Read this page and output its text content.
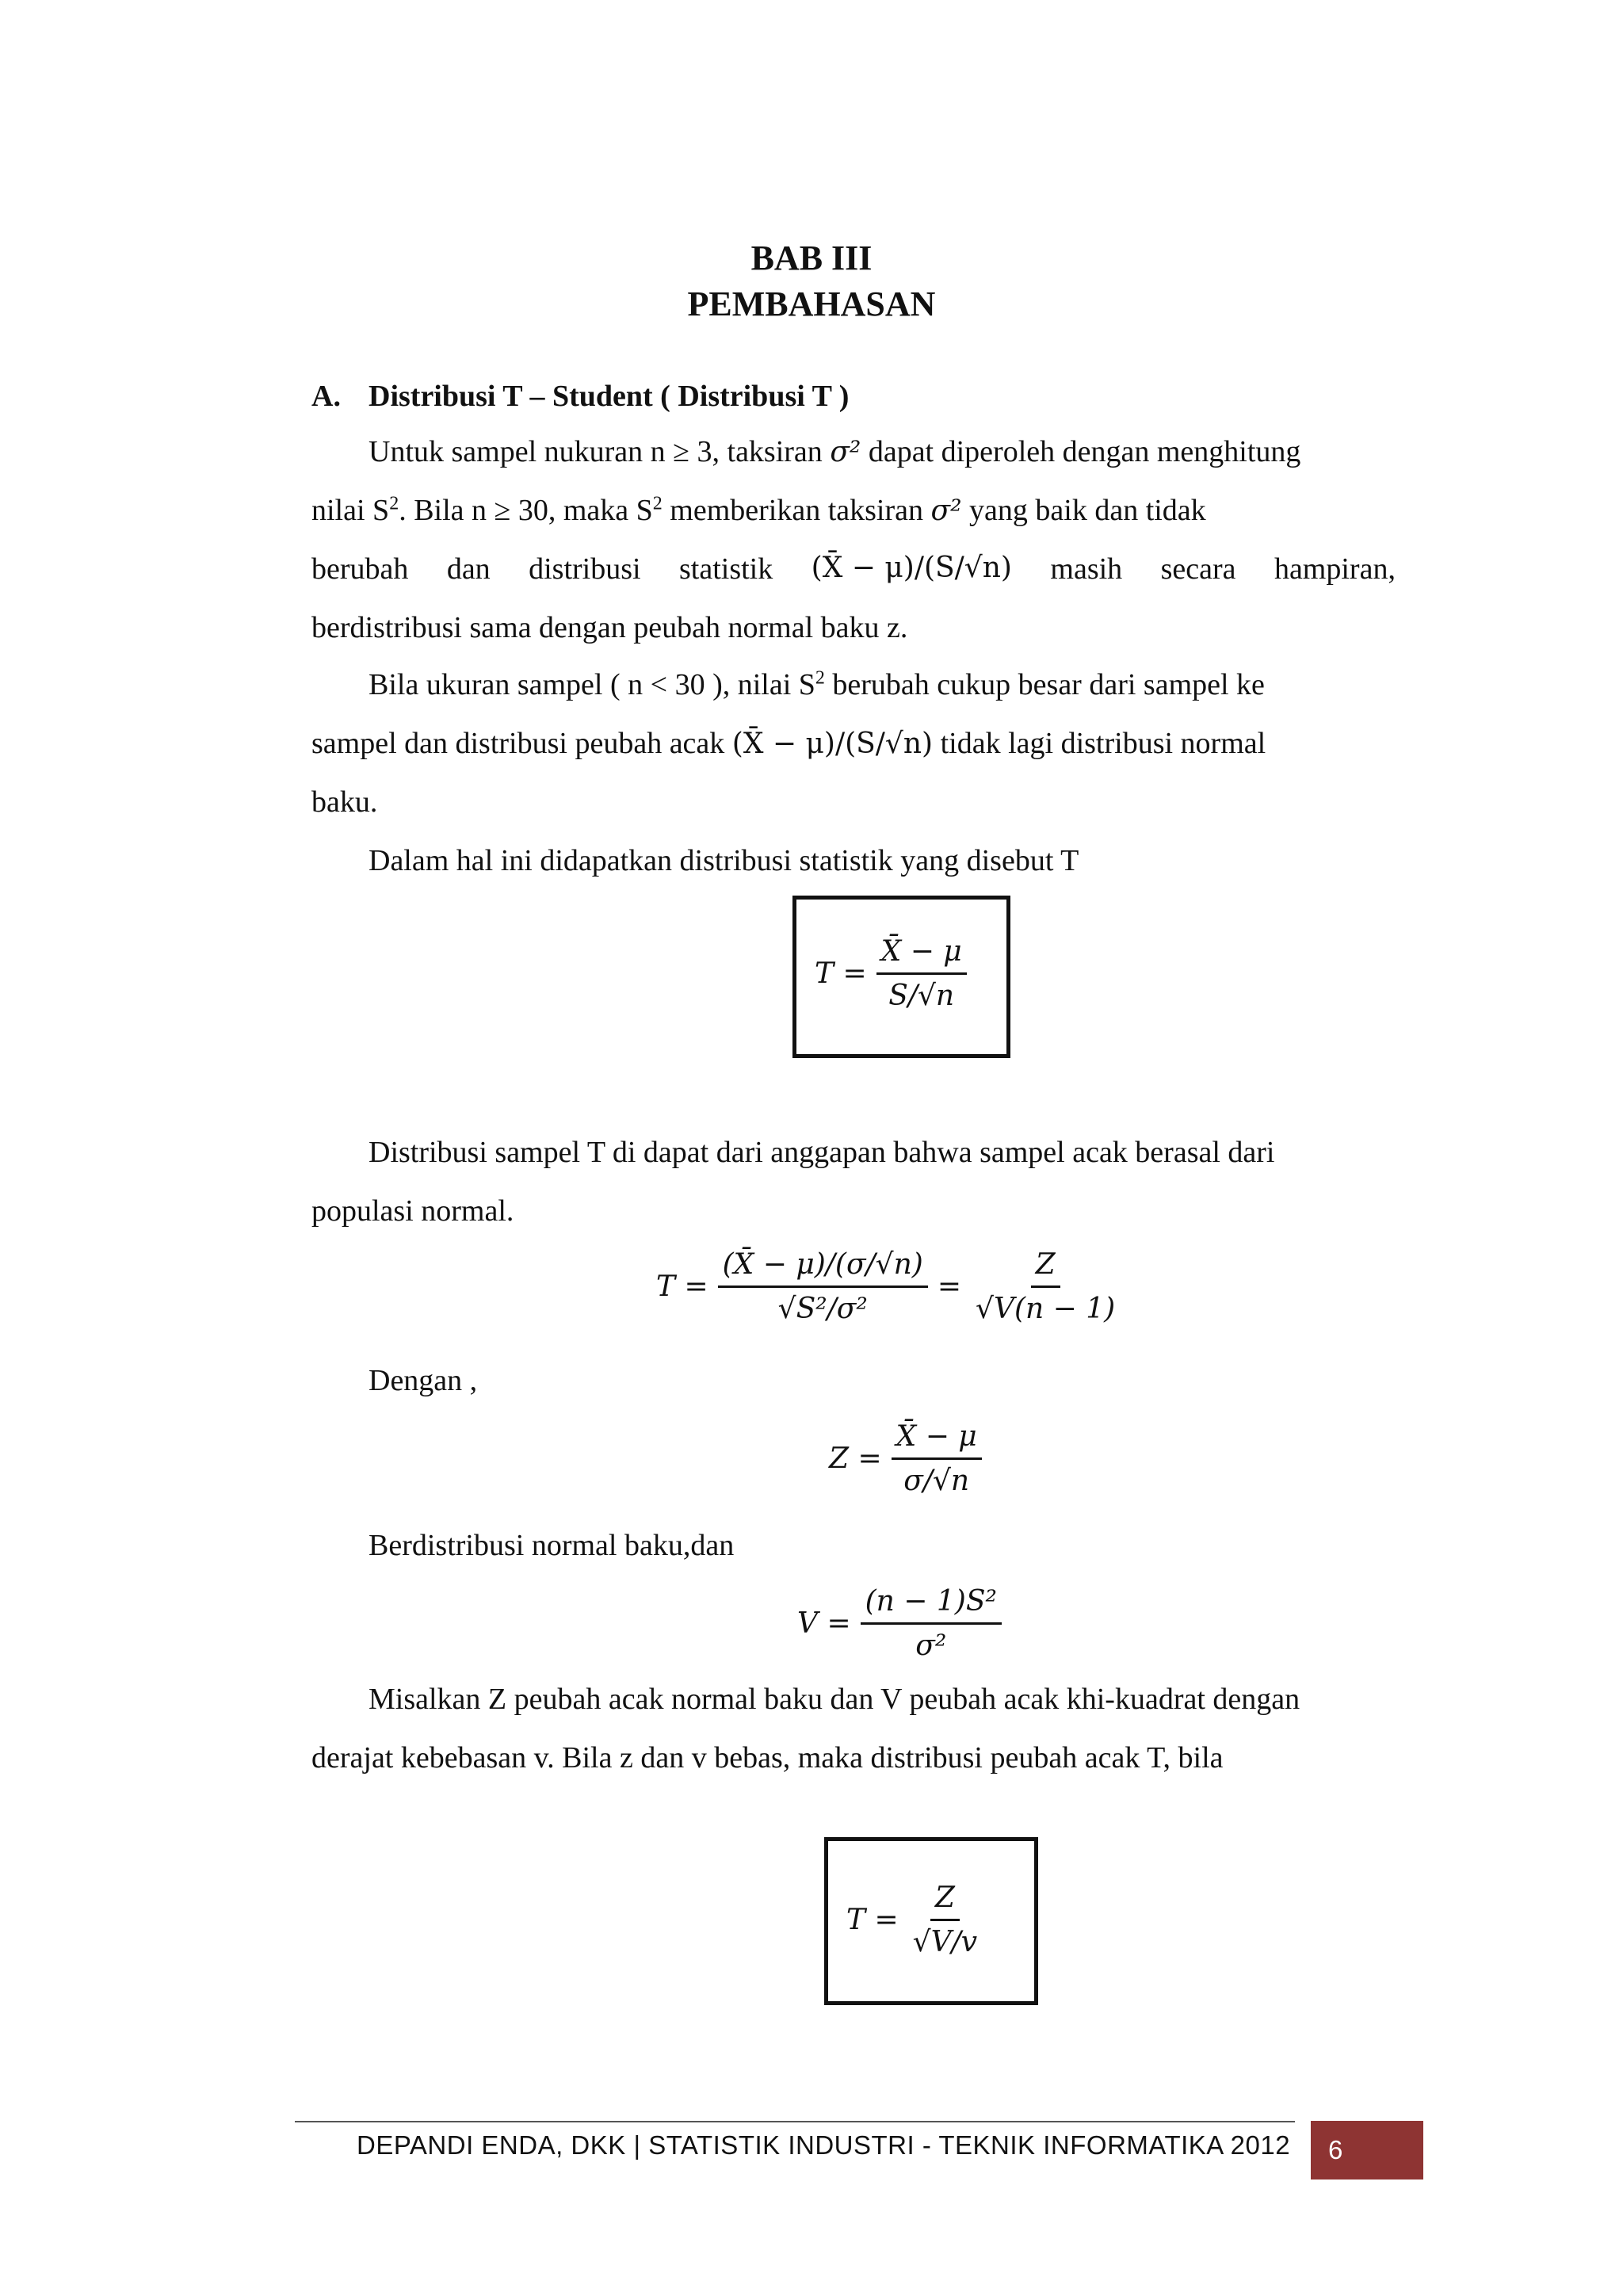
BAB III
PEMBAHASAN
A. Distribusi T – Student ( Distribusi T )
Untuk sampel nukuran n ≥ 3, taksiran σ² dapat diperoleh dengan menghitung
nilai $S^2$. Bila n ≥ 30, maka $S^2$ memberikan taksiran σ² yang baik dan tidak
berubah dan distribusi statistik (X̄ − μ)/(S/√n) masih secara hampiran,
berdistribusi sama dengan peubah normal baku z.
Bila ukuran sampel ( n < 30 ), nilai $S^2$ berubah cukup besar dari sampel ke
sampel dan distribusi peubah acak (X̄ − μ)/(S/√n) tidak lagi distribusi normal
baku.
Dalam hal ini didapatkan distribusi statistik yang disebut T
$T = \frac{X̄ - \mu}{S/√n}$
Distribusi sampel T di dapat dari anggapan bahwa sampel acak berasal dari
populasi normal.
$T = \frac{(X̄ - \mu)/(\sigma/√n)}{\text{√S²/σ²}} = \frac{Z}{√V(n - 1)}$
Dengan ,
$Z = \frac{X̄ - \mu}{\sigma/√n}$
Berdistribusi normal baku,dan
$V = \frac{\text{(n − 1)S²}}{\text{σ²}}$
Misalkan Z peubah acak normal baku dan V peubah acak khi-kuadrat dengan
derajat kebebasan v. Bila z dan v bebas, maka distribusi peubah acak T, bila
$T = \frac{Z}{√V/v}$
DEPANDI ENDA, DKK | STATISTIK INDUSTRI - TEKNIK INFORMATIKA 2012 6
